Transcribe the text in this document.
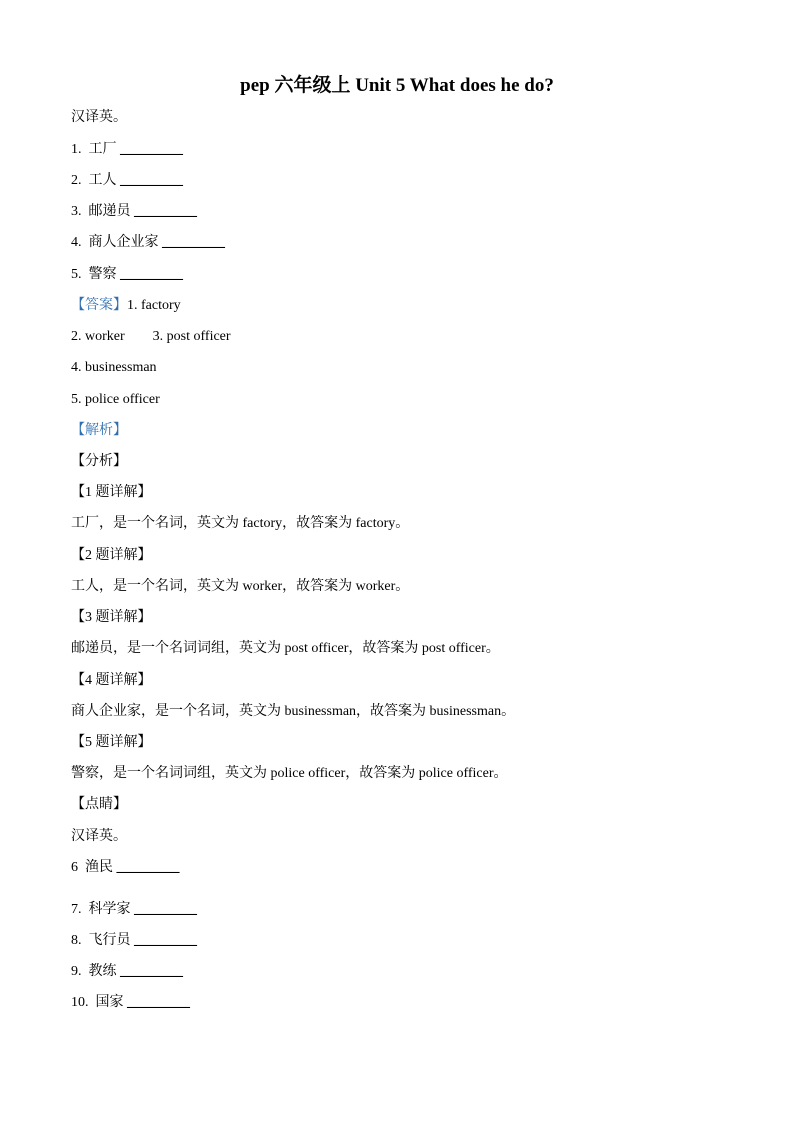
pep 六年级上 Unit 5 What does he do?
汉译英。
1. 工厂 _________
2. 工人 _________
3. 邮递员 _________
4. 商人企业家 _________
5. 警察 _________
【答案】1. factory
2. worker 3. post officer
4. businessman
5. police officer
【解析】
【分析】
【1 题详解】
工厂，是一个名词，英文为 factory，故答案为 factory。
【2 题详解】
工人，是一个名词，英文为 worker，故答案为 worker。
【3 题详解】
邮递员，是一个名词词组，英文为 post officer，故答案为 post officer。
【4 题详解】
商人企业家，是一个名词，英文为 businessman，故答案为 businessman。
【5 题详解】
警察，是一个名词词组，英文为 police officer，故答案为 police officer。
【点睛】
汉译英。
6 渔民 _________
7. 科学家 _________
8. 飞行员 _________
9. 教练 _________
10. 国家 _________
